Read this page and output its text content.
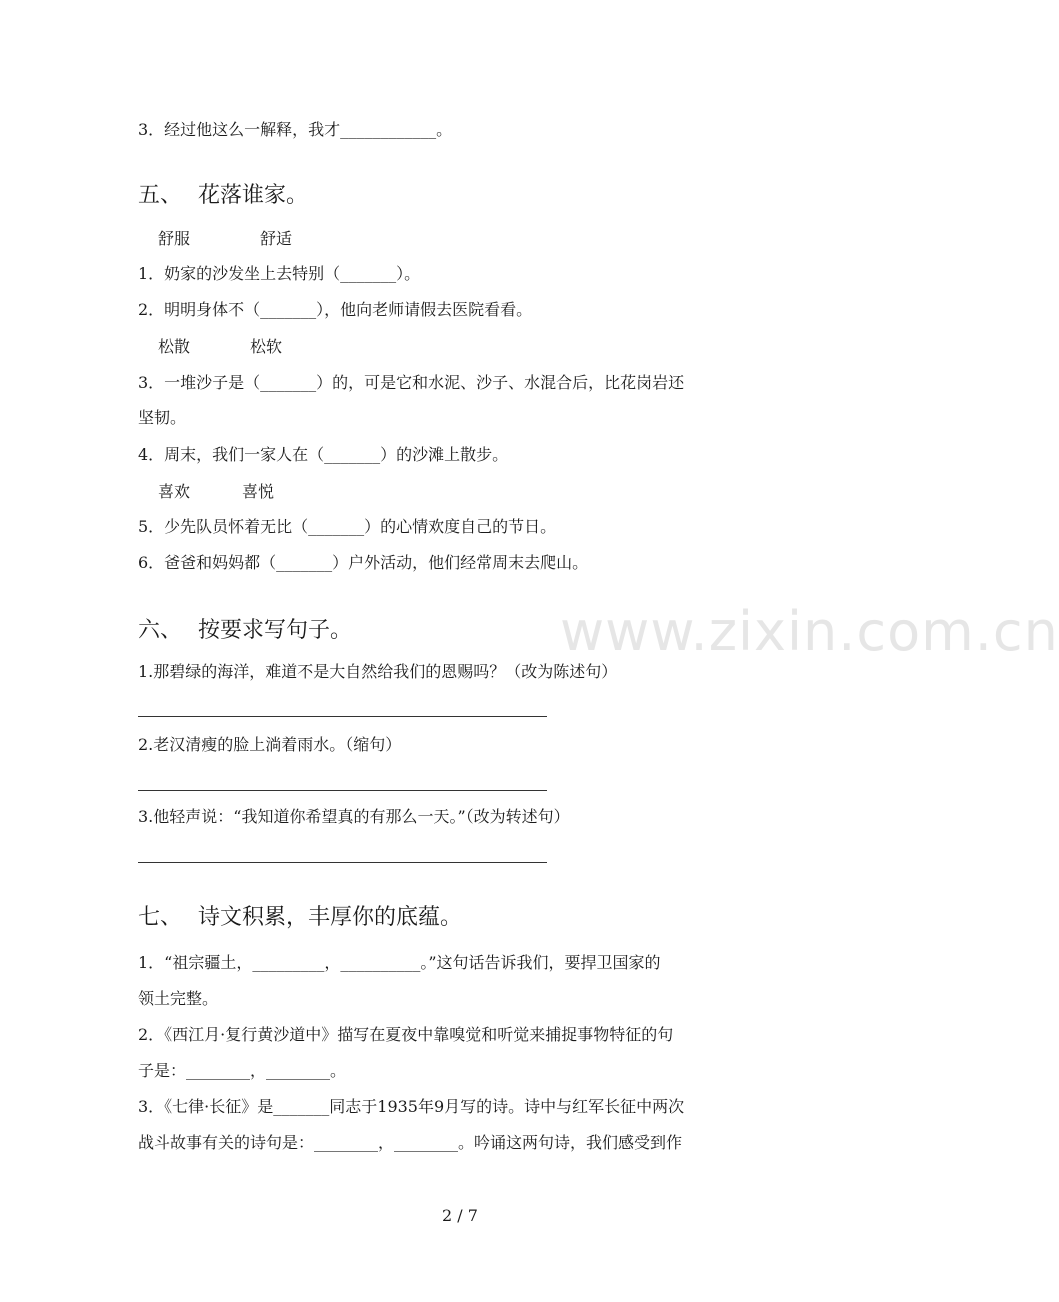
3．经过他这么一解释，我才____________。
五、 花落谁家。
舒服	舒适
1．奶家的沙发坐上去特别（_______）。
2．明明身体不（_______），他向老师请假去医院看看。
松散	松软
3．一堆沙子是（_______）的，可是它和水泥、沙子、水混合后，比花岗岩还
坚韧。
4．周末，我们一家人在（_______）的沙滩上散步。
喜欢	喜悦
5．少先队员怀着无比（_______）的心情欢度自己的节日。
6．爸爸和妈妈都（_______）户外活动，他们经常周末去爬山。
www.zixin.com.cn
六、 按要求写句子。
1.那碧绿的海洋，难道不是大自然给我们的恩赐吗？（改为陈述句）
2.老汉清瘦的脸上淌着雨水。（缩句）
3.他轻声说：“我知道你希望真的有那么一天。”（改为转述句）
七、 诗文积累，丰厚你的底蕴。
1．“祖宗疆土，_________，__________。”这句话告诉我们，要捍卫国家的
领土完整。
2．《西江月·复行黄沙道中》描写在夏夜中靠嗅觉和听觉来捕捉事物特征的句
子是：________，________。
3．《七律·长征》是_______同志于1935年9月写的诗。诗中与红军长征中两次
战斗故事有关的诗句是：________，________。吟诵这两句诗，我们感受到作
2 / 7
